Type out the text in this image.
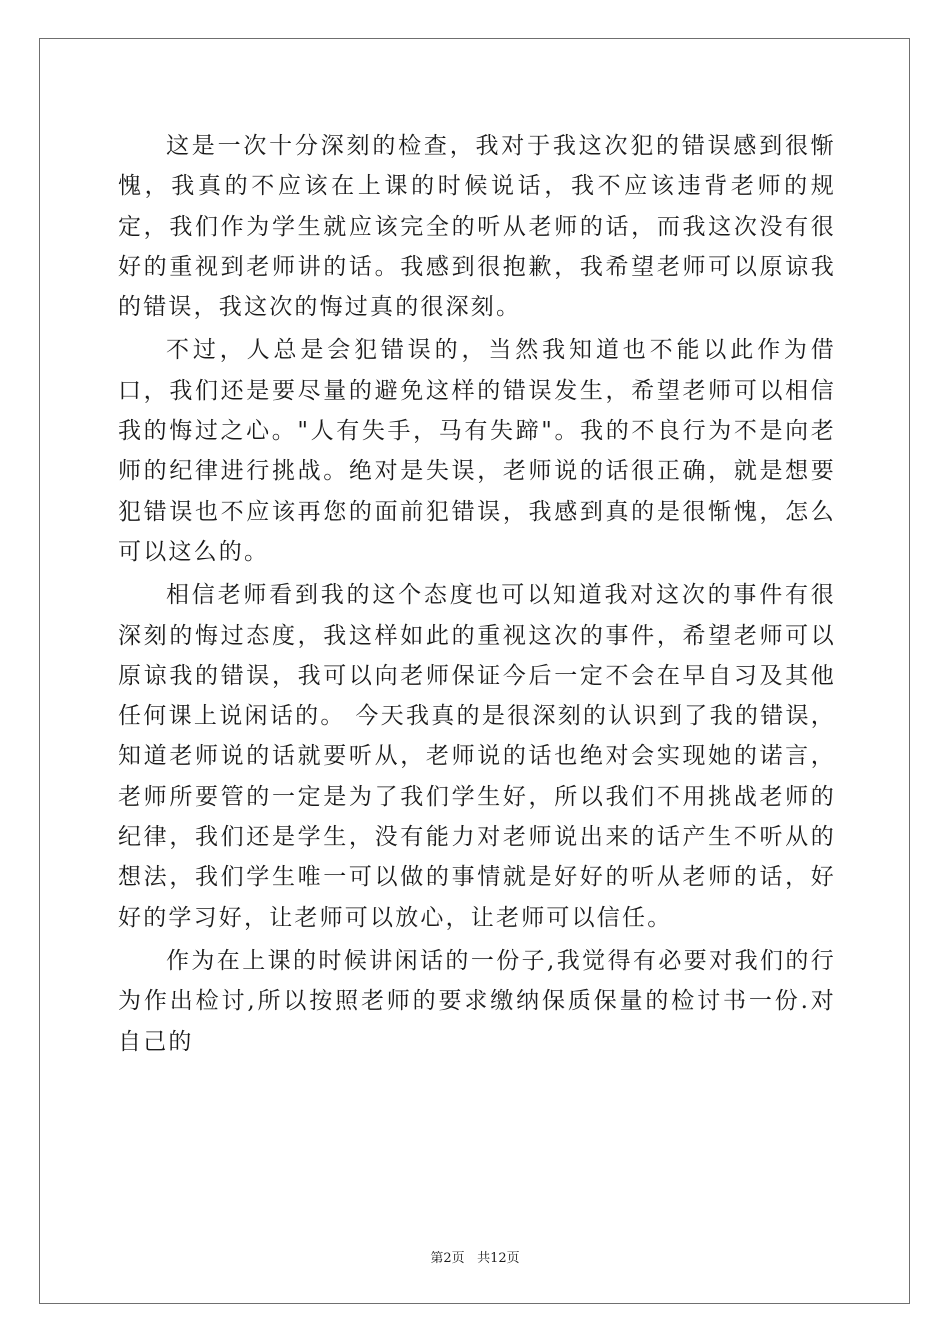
这是一次十分深刻的检查，我对于我这次犯的错误感到很惭愧，我真的不应该在上课的时候说话，我不应该违背老师的规定，我们作为学生就应该完全的听从老师的话，而我这次没有很好的重视到老师讲的话。我感到很抱歉，我希望老师可以原谅我的错误，我这次的悔过真的很深刻。

不过，人总是会犯错误的，当然我知道也不能以此作为借口，我们还是要尽量的避免这样的错误发生，希望老师可以相信我的悔过之心。"人有失手，马有失蹄"。我的不良行为不是向老师的纪律进行挑战。绝对是失误，老师说的话很正确，就是想要犯错误也不应该再您的面前犯错误，我感到真的是很惭愧，怎么可以这么的。

相信老师看到我的这个态度也可以知道我对这次的事件有很深刻的悔过态度，我这样如此的重视这次的事件，希望老师可以原谅我的错误，我可以向老师保证今后一定不会在早自习及其他任何课上说闲话的。 今天我真的是很深刻的认识到了我的错误，知道老师说的话就要听从，老师说的话也绝对会实现她的诺言，老师所要管的一定是为了我们学生好，所以我们不用挑战老师的纪律，我们还是学生，没有能力对老师说出来的话产生不听从的想法，我们学生唯一可以做的事情就是好好的听从老师的话，好好的学习好，让老师可以放心，让老师可以信任。

作为在上课的时候讲闲话的一份子,我觉得有必要对我们的行为作出检讨,所以按照老师的要求缴纳保质保量的检讨书一份.对自己的

第2页 共12页
